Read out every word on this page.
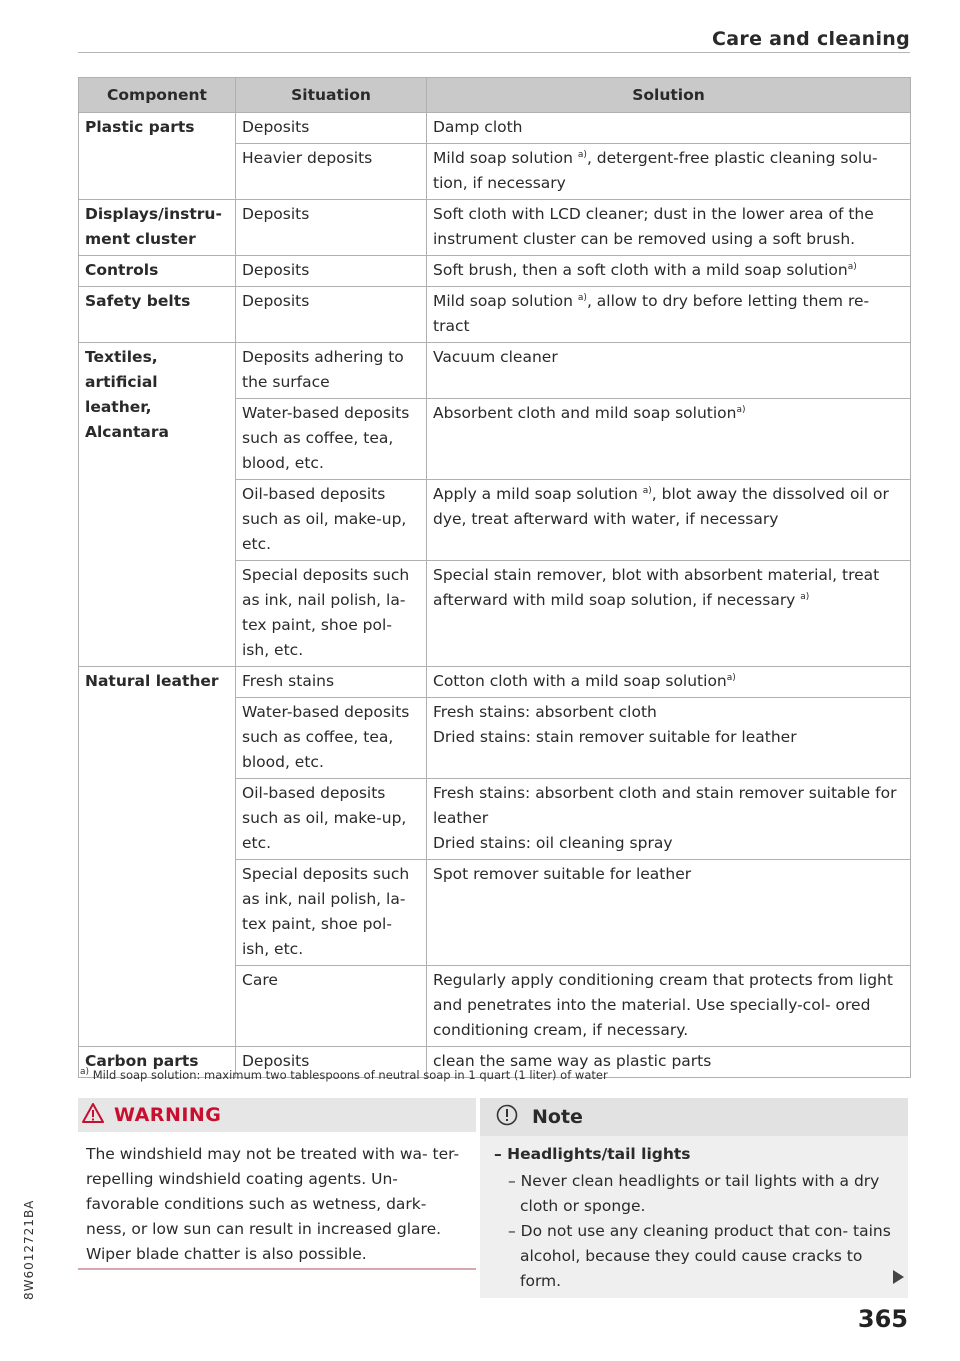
Care and cleaning
Component	Situation	Solution
Plastic parts	Deposits	Damp cloth
	Heavier deposits	Mild soap solution $^{a)}$, detergent-free plastic cleaning solu- tion, if necessary
Displays/instru- ment cluster	Deposits	Soft cloth with LCD cleaner; dust in the lower area of the instrument cluster can be removed using a soft brush.
Controls	Deposits	Soft brush, then a soft cloth with a mild soap solution$^{a)}$
Safety belts	Deposits	Mild soap solution $^{a)}$, allow to dry before letting them re- tract
Textiles, artificial leather, Alcantara	Deposits adhering to the surface	Vacuum cleaner
	Water-based deposits such as coffee, tea, blood, etc.	Absorbent cloth and mild soap solution$^{a)}$
	Oil-based deposits such as oil, make-up, etc.	Apply a mild soap solution $^{a)}$, blot away the dissolved oil or dye, treat afterward with water, if necessary
	Special deposits such as ink, nail polish, la- tex paint, shoe pol- ish, etc.	Special stain remover, blot with absorbent material, treat afterward with mild soap solution, if necessary $^{a)}$
Natural leather	Fresh stains	Cotton cloth with a mild soap solution$^{a)}$
	Water-based deposits such as coffee, tea, blood, etc.	Fresh stains: absorbent cloth
Dried stains: stain remover suitable for leather

	Oil-based deposits such as oil, make-up, etc.	Fresh stains: absorbent cloth and stain remover suitable for leather
Dried stains: oil cleaning spray

	Special deposits such as ink, nail polish, la- tex paint, shoe pol- ish, etc.	Spot remover suitable for leather
	Care	Regularly apply conditioning cream that protects from light and penetrates into the material. Use specially-col- ored conditioning cream, if necessary.
Carbon parts	Deposits	clean the same way as plastic parts
$^{a)}$ Mild soap solution: maximum two tablespoons of neutral soap in 1 quart (1 liter) of water
WARNING
The windshield may not be treated with wa- ter-repelling windshield coating agents. Un- favorable conditions such as wetness, dark- ness, or low sun can result in increased glare. Wiper blade chatter is also possible.
Note
– Headlights/tail lights
– Never clean headlights or tail lights with a dry cloth or sponge.
– Do not use any cleaning product that con- tains alcohol, because they could cause cracks to form.
365
8W6012721BA
